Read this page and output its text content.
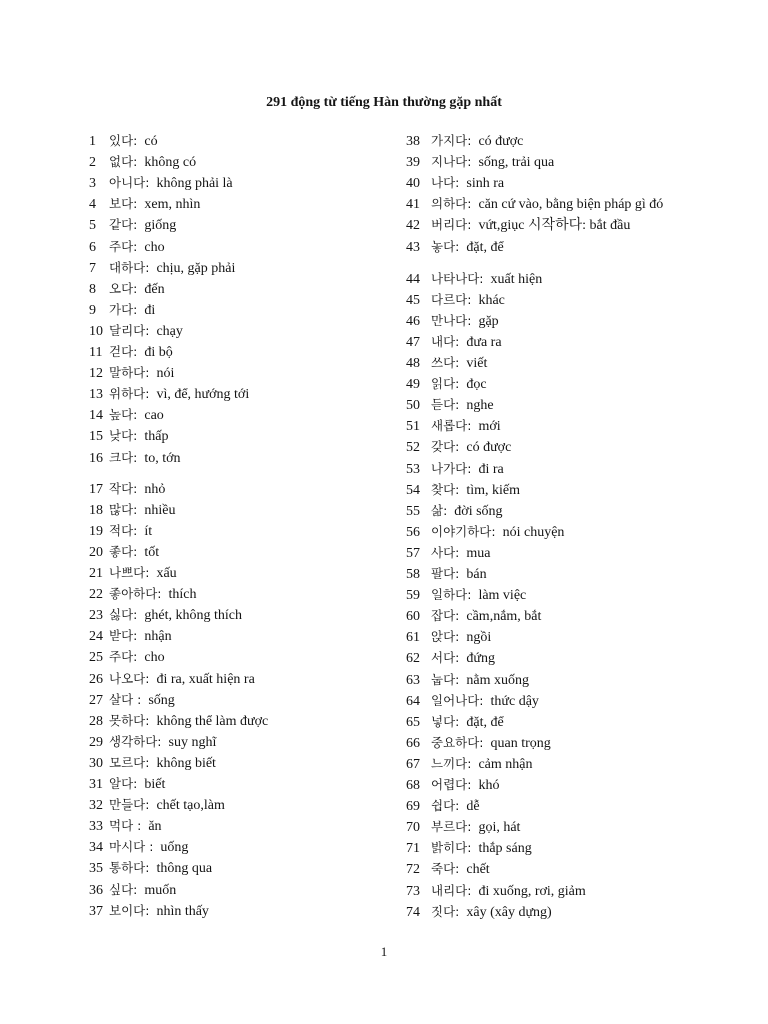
291 động từ tiếng Hàn thường gặp nhất
1 있다: có
2 없다: không có
3 아니다: không phải là
4 보다: xem, nhìn
5 같다: giống
6 주다: cho
7 대하다: chịu, gặp phải
8 오다: đến
9 가다: đi
10 달리다: chạy
11 걷다: đi bộ
12 말하다: nói
13 위하다: vì, để, hướng tới
14 높다: cao
15 낮다: thấp
16 크다: to, tớn
17 작다: nhỏ
18 많다: nhiều
19 적다: ít
20 좋다: tốt
21 나쁘다: xấu
22 좋아하다: thích
23 싫다: ghét, không thích
24 받다: nhận
25 주다: cho
26 나오다: đi ra, xuất hiện ra
27 살다 : sống
28 못하다: không thể làm được
29 생각하다: suy nghĩ
30 모르다: không biết
31 알다: biết
32 만들다: chết tạo,làm
33 먹다 : ăn
34 마시다 : uống
35 통하다: thông qua
36 싶다: muốn
37 보이다: nhìn thấy
38 가지다: có được
39 지나다: sống, trải qua
40 나다: sinh ra
41 의하다: căn cứ vào, bằng biện pháp gì đó
42 버리다: vứt,giục 시작하다: bắt đầu
43 놓다: đặt, để
44 나타나다: xuất hiện
45 다르다: khác
46 만나다: gặp
47 내다: đưa ra
48 쓰다: viết
49 읽다: đọc
50 듣다: nghe
51 새롭다: mới
52 갖다: có được
53 나가다: đi ra
54 찾다: tìm, kiếm
55 삶: đời sống
56 이야기하다: nói chuyện
57 사다: mua
58 팔다: bán
59 일하다: làm việc
60 잡다: cầm,nắm, bắt
61 앉다: ngồi
62 서다: đứng
63 눕다: nằm xuống
64 일어나다: thức dậy
65 넣다: đặt, để
66 중요하다: quan trọng
67 느끼다: cảm nhận
68 어렵다: khó
69 쉽다: dễ
70 부르다: gọi, hát
71 밝히다: thắp sáng
72 죽다: chết
73 내리다: đi xuống, rơi, giảm
74 짓다: xây (xây dựng)
1
